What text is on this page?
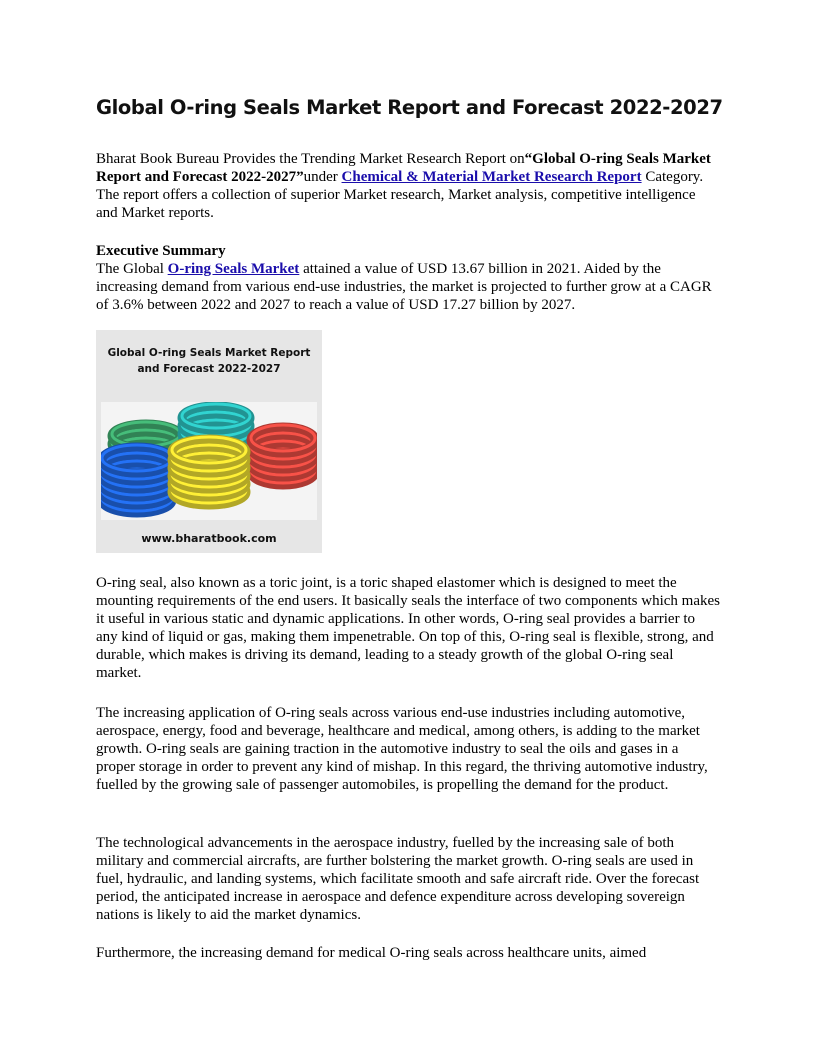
Global O-ring Seals Market Report and Forecast 2022-2027

Bharat Book Bureau Provides the Trending Market Research Report on“Global O-ring Seals Market Report and Forecast 2022-2027”under Chemical & Material Market Research Report Category. The report offers a collection of superior Market research, Market analysis, competitive intelligence and Market reports.

Executive Summary
The Global O-ring Seals Market attained a value of USD 13.67 billion in 2021. Aided by the increasing demand from various end-use industries, the market is projected to further grow at a CAGR of 3.6% between 2022 and 2027 to reach a value of USD 17.27 billion by 2027.
Global O-ring Seals Market Report and Forecast 2022-2027
www.bharatbook.com

O-ring seal, also known as a toric joint, is a toric shaped elastomer which is designed to meet the mounting requirements of the end users. It basically seals the interface of two components which makes it useful in various static and dynamic applications. In other words, O-ring seal provides a barrier to any kind of liquid or gas, making them impenetrable. On top of this, O-ring seal is flexible, strong, and durable, which makes is driving its demand, leading to a steady growth of the global O-ring seal market.

The increasing application of O-ring seals across various end-use industries including automotive, aerospace, energy, food and beverage, healthcare and medical, among others, is adding to the market growth. O-ring seals are gaining traction in the automotive industry to seal the oils and gases in a proper storage in order to prevent any kind of mishap. In this regard, the thriving automotive industry, fuelled by the growing sale of passenger automobiles, is propelling the demand for the product.

The technological advancements in the aerospace industry, fuelled by the increasing sale of both military and commercial aircrafts, are further bolstering the market growth. O-ring seals are used in fuel, hydraulic, and landing systems, which facilitate smooth and safe aircraft ride. Over the forecast period, the anticipated increase in aerospace and defence expenditure across developing sovereign nations is likely to aid the market dynamics.

Furthermore, the increasing demand for medical O-ring seals across healthcare units, aimed
